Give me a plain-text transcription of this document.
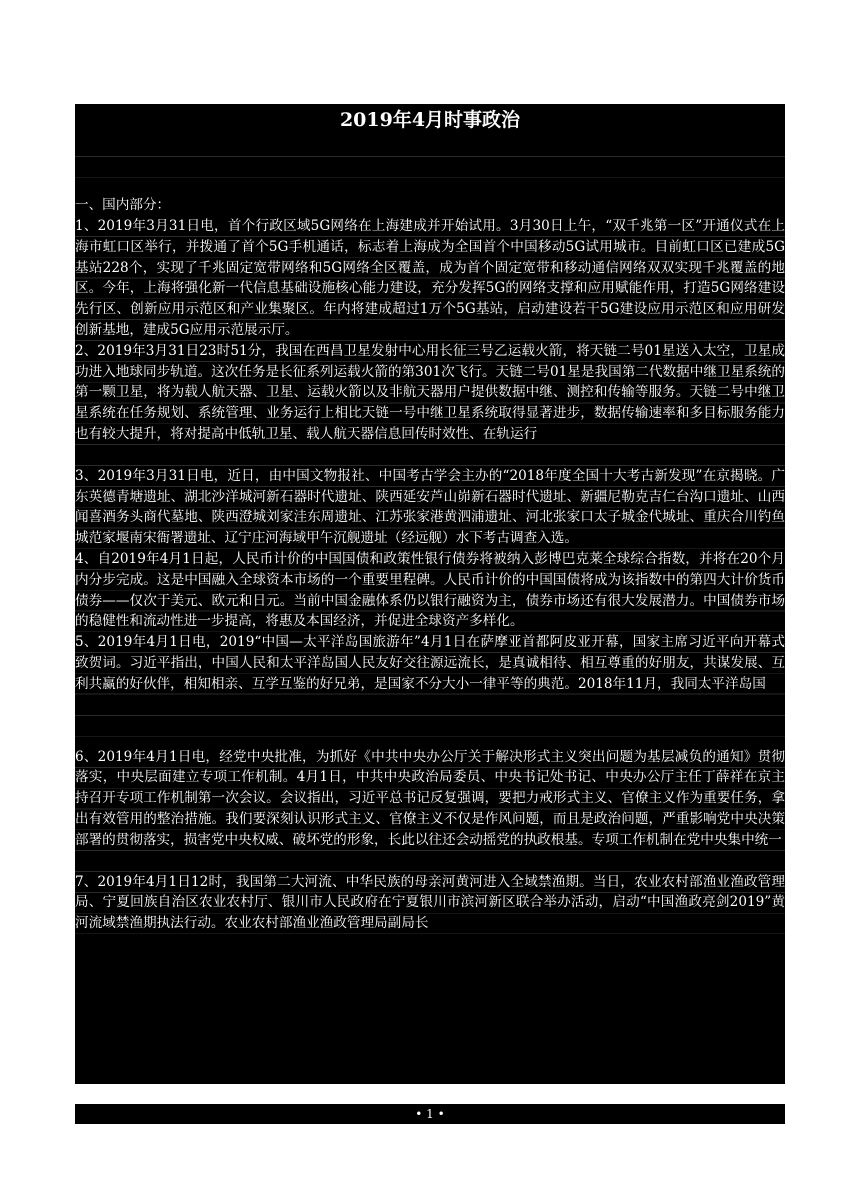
2019年4月时事政治
一、国内部分：

1、2019年3月31日电，首个行政区域5G网络在上海建成并开始试用。3月30日上午，“双千兆第一区”开通仪式在上海市虹口区举行，并拨通了首个5G手机通话，标志着上海成为全国首个中国移动5G试用城市。目前虹口区已建成5G基站228个，实现了千兆固定宽带网络和5G网络全区覆盖，成为首个固定宽带和移动通信网络双双实现千兆覆盖的地区。今年，上海将强化新一代信息基础设施核心能力建设，充分发挥5G的网络支撑和应用赋能作用，打造5G网络建设先行区、创新应用示范区和产业集聚区。年内将建成超过1万个5G基站，启动建设若干5G建设应用示范区和应用研发创新基地，建成5G应用示范展示厅。

2、2019年3月31日23时51分，我国在西昌卫星发射中心用长征三号乙运载火箭，将天链二号01星送入太空，卫星成功进入地球同步轨道。这次任务是长征系列运载火箭的第301次飞行。天链二号01星是我国第二代数据中继卫星系统的第一颗卫星，将为载人航天器、卫星、运载火箭以及非航天器用户提供数据中继、测控和传输等服务。天链二号中继卫星系统在任务规划、系统管理、业务运行上相比天链一号中继卫星系统取得显著进步，数据传输速率和多目标服务能力也有较大提升，将对提高中低轨卫星、载人航天器信息回传时效性、在轨运行

3、2019年3月31日电，近日，由中国文物报社、中国考古学会主办的“2018年度全国十大考古新发现”在京揭晓。广东英德青塘遗址、湖北沙洋城河新石器时代遗址、陕西延安芦山峁新石器时代遗址、新疆尼勒克吉仁台沟口遗址、山西闻喜酒务头商代墓地、陕西澄城刘家洼东周遗址、江苏张家港黄泗浦遗址、河北张家口太子城金代城址、重庆合川钓鱼城范家堰南宋衙署遗址、辽宁庄河海域甲午沉舰遗址（经远舰）水下考古调查入选。

4、自2019年4月1日起，人民币计价的中国国债和政策性银行债券将被纳入彭博巴克莱全球综合指数，并将在20个月内分步完成。这是中国融入全球资本市场的一个重要里程碑。人民币计价的中国国债将成为该指数中的第四大计价货币债券——仅次于美元、欧元和日元。当前中国金融体系仍以银行融资为主，债券市场还有很大发展潜力。中国债券市场的稳健性和流动性进一步提高，将惠及本国经济，并促进全球资产多样化。

5、2019年4月1日电，2019“中国—太平洋岛国旅游年”4月1日在萨摩亚首都阿皮亚开幕，国家主席习近平向开幕式致贺词。习近平指出，中国人民和太平洋岛国人民友好交往源远流长，是真诚相待、相互尊重的好朋友，共谋发展、互利共赢的好伙伴，相知相亲、互学互鉴的好兄弟，是国家不分大小一律平等的典范。2018年11月，我同太平洋岛国

6、2019年4月1日电，经党中央批准，为抓好《中共中央办公厅关于解决形式主义突出问题为基层减负的通知》贯彻落实，中央层面建立专项工作机制。4月1日，中共中央政治局委员、中央书记处书记、中央办公厅主任丁薛祥在京主持召开专项工作机制第一次会议。会议指出，习近平总书记反复强调，要把力戒形式主义、官僚主义作为重要任务，拿出有效管用的整治措施。我们要深刻认识形式主义、官僚主义不仅是作风问题，而且是政治问题，严重影响党中央决策部署的贯彻落实，损害党中央权威、破坏党的形象，长此以往还会动摇党的执政根基。专项工作机制在党中央集中统一

7、2019年4月1日12时，我国第二大河流、中华民族的母亲河黄河进入全域禁渔期。当日，农业农村部渔业渔政管理局、宁夏回族自治区农业农村厅、银川市人民政府在宁夏银川市滨河新区联合举办活动，启动“中国渔政亮剑2019”黄河流域禁渔期执法行动。农业农村部渔业渔政管理局副局长

• 1 •
